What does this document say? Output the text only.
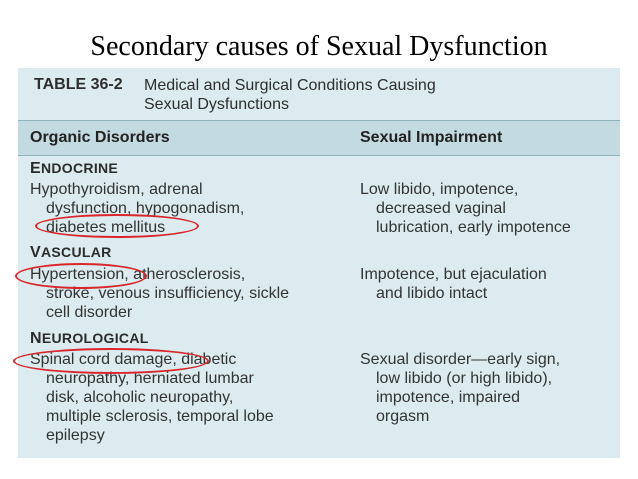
Secondary causes of Sexual Dysfunction
TABLE 36-2 Medical and Surgical Conditions Causing
Sexual Dysfunctions
Organic Disorders	Sexual Impairment
ENDOCRINE
Hypothyroidism, adrenal
dysfunction, hypogonadism,
diabetes mellitus
Low libido, impotence,
decreased vaginal
lubrication, early impotence
VASCULAR
Hypertension, atherosclerosis,
stroke, venous insufficiency, sickle
cell disorder
Impotence, but ejaculation
and libido intact
NEUROLOGICAL
Spinal cord damage, diabetic
neuropathy, herniated lumbar
disk, alcoholic neuropathy,
multiple sclerosis, temporal lobe
epilepsy
Sexual disorder—early sign,
low libido (or high libido),
impotence, impaired
orgasm
